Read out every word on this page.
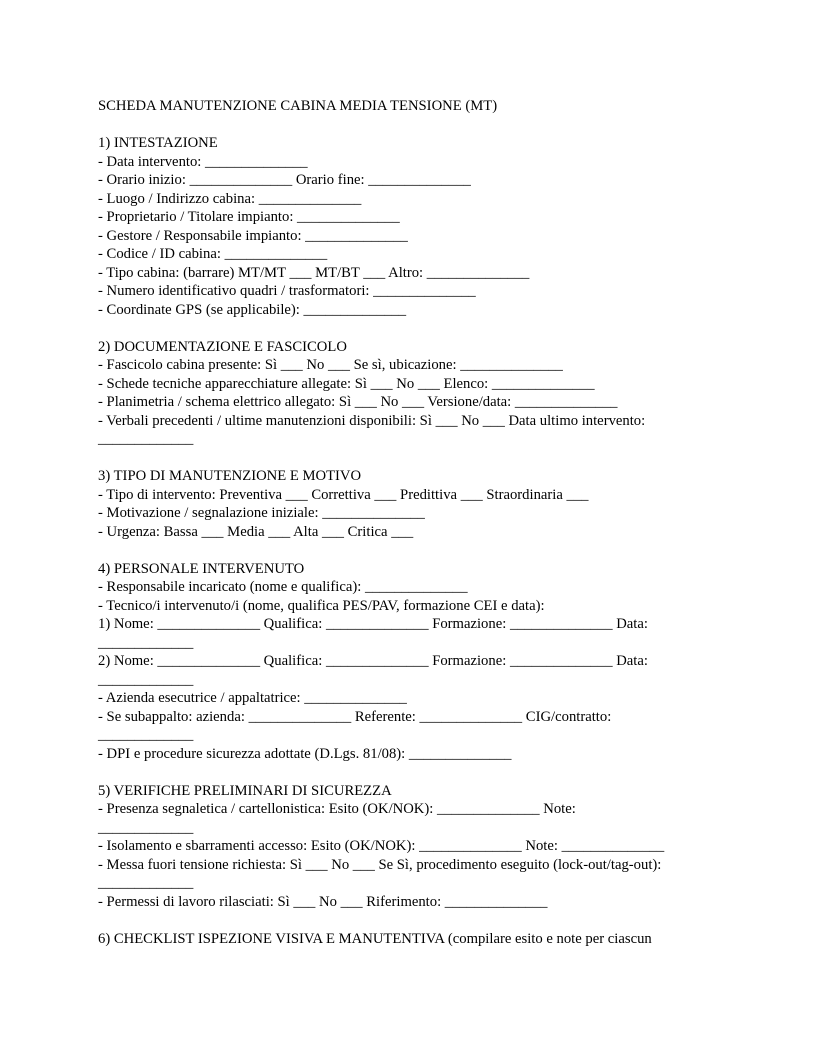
SCHEDA MANUTENZIONE CABINA MEDIA TENSIONE (MT)

1) INTESTAZIONE

- Data intervento: ______________

- Orario inizio: ______________ Orario fine: ______________

- Luogo / Indirizzo cabina: ______________

- Proprietario / Titolare impianto: ______________

- Gestore / Responsabile impianto: ______________

- Codice / ID cabina: ______________

- Tipo cabina: (barrare) MT/MT ___ MT/BT ___ Altro: ______________

- Numero identificativo quadri / trasformatori: ______________

- Coordinate GPS (se applicabile): ______________

2) DOCUMENTAZIONE E FASCICOLO

- Fascicolo cabina presente: Sì ___ No ___ Se sì, ubicazione: ______________

- Schede tecniche apparecchiature allegate: Sì ___ No ___ Elenco: ______________

- Planimetria / schema elettrico allegato: Sì ___ No ___ Versione/data: ______________

- Verbali precedenti / ultime manutenzioni disponibili: Sì ___ No ___ Data ultimo intervento:

_____________

3) TIPO DI MANUTENZIONE E MOTIVO

- Tipo di intervento: Preventiva ___ Correttiva ___ Predittiva ___ Straordinaria ___

- Motivazione / segnalazione iniziale: ______________

- Urgenza: Bassa ___ Media ___ Alta ___ Critica ___

4) PERSONALE INTERVENUTO

- Responsabile incaricato (nome e qualifica): ______________

- Tecnico/i intervenuto/i (nome, qualifica PES/PAV, formazione CEI e data):

1) Nome: ______________ Qualifica: ______________ Formazione: ______________ Data:

_____________

2) Nome: ______________ Qualifica: ______________ Formazione: ______________ Data:

_____________

- Azienda esecutrice / appaltatrice: ______________

- Se subappalto: azienda: ______________ Referente: ______________ CIG/contratto:

_____________

- DPI e procedure sicurezza adottate (D.Lgs. 81/08): ______________

5) VERIFICHE PRELIMINARI DI SICUREZZA

- Presenza segnaletica / cartellonistica: Esito (OK/NOK): ______________ Note:

_____________

- Isolamento e sbarramenti accesso: Esito (OK/NOK): ______________ Note: ______________

- Messa fuori tensione richiesta: Sì ___ No ___ Se Sì, procedimento eseguito (lock-out/tag-out):

_____________

- Permessi di lavoro rilasciati: Sì ___ No ___ Riferimento: ______________

6) CHECKLIST ISPEZIONE VISIVA E MANUTENTIVA (compilare esito e note per ciascun
